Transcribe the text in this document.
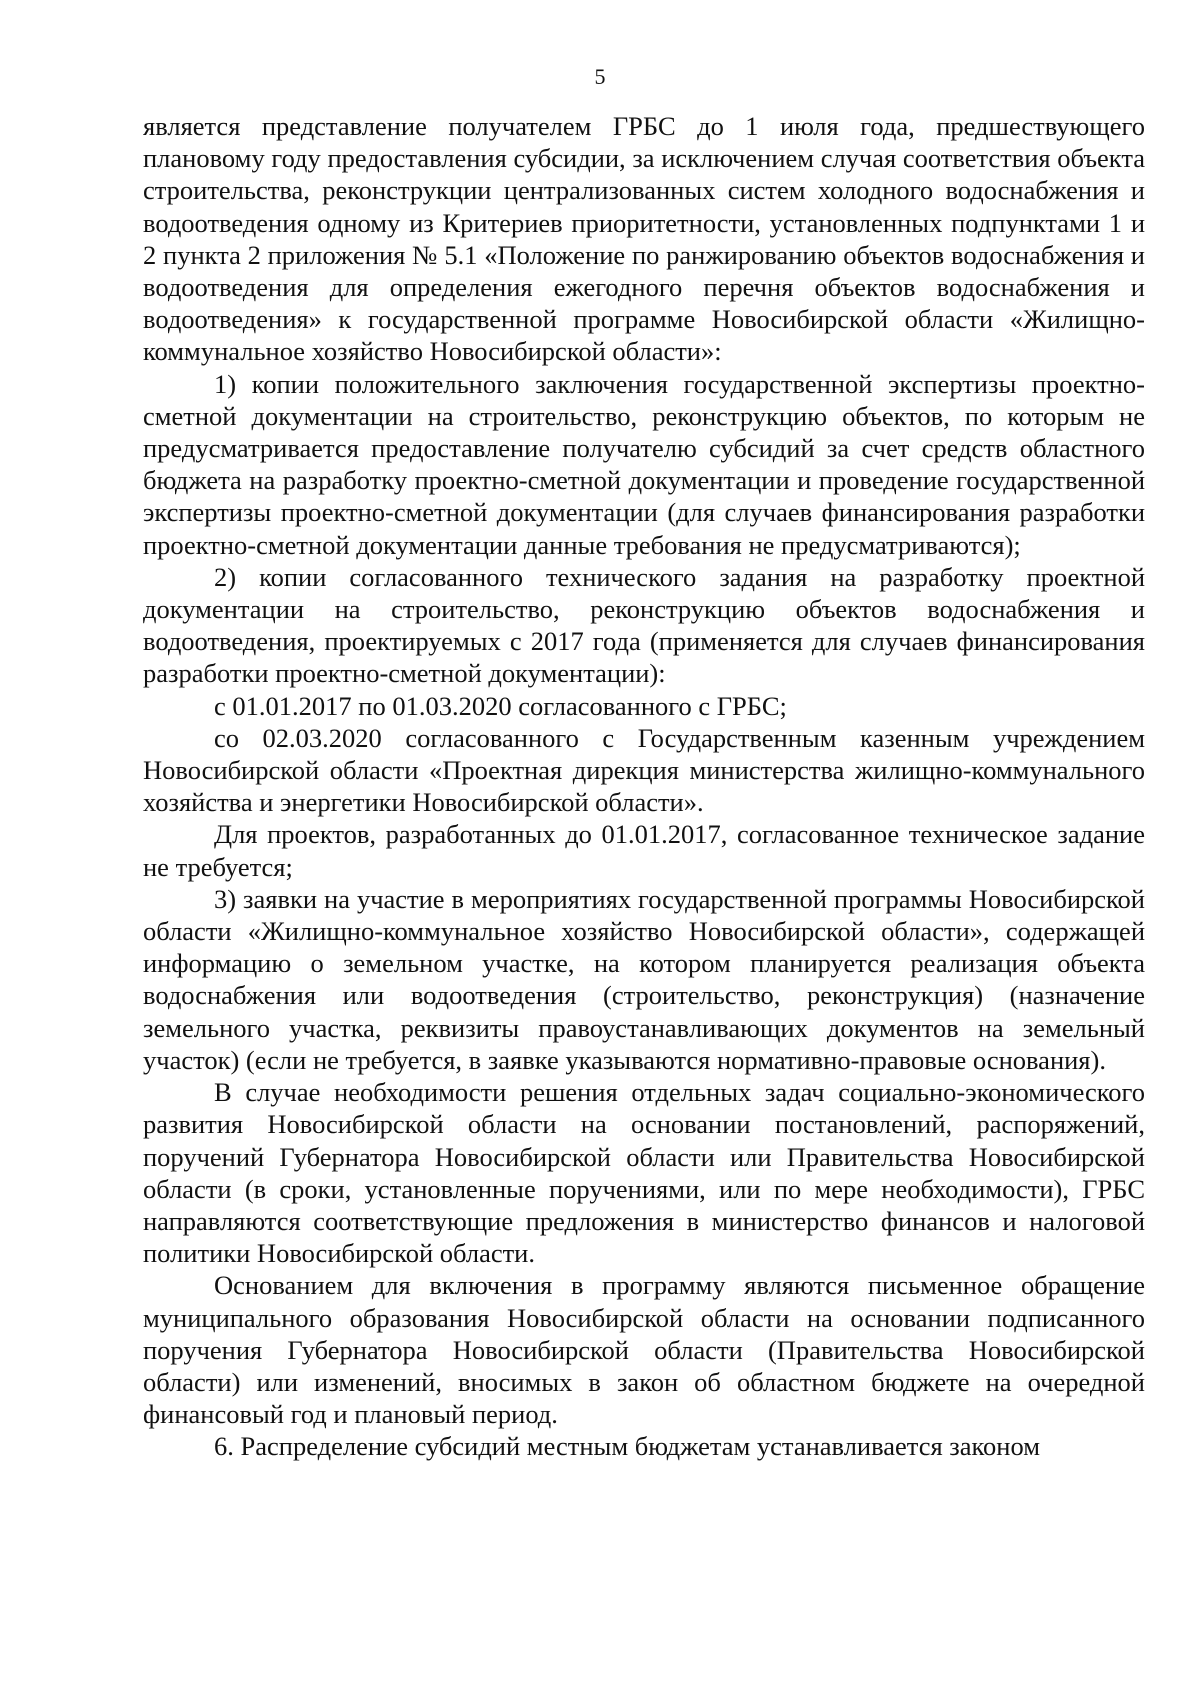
5

является представление получателем ГРБС до 1 июля года, предшествующего плановому году предоставления субсидии, за исключением случая соответствия объекта строительства, реконструкции централизованных систем холодного водоснабжения и водоотведения одному из Критериев приоритетности, установленных подпунктами 1 и 2 пункта 2 приложения № 5.1 «Положение по ранжированию объектов водоснабжения и водоотведения для определения ежегодного перечня объектов водоснабжения и водоотведения» к государственной программе Новосибирской области «Жилищно-коммунальное хозяйство Новосибирской области»:

1) копии положительного заключения государственной экспертизы проектно-сметной документации на строительство, реконструкцию объектов, по которым не предусматривается предоставление получателю субсидий за счет средств областного бюджета на разработку проектно-сметной документации и проведение государственной экспертизы проектно-сметной документации (для случаев финансирования разработки проектно-сметной документации данные требования не предусматриваются);

2) копии согласованного технического задания на разработку проектной документации на строительство, реконструкцию объектов водоснабжения и водоотведения, проектируемых с 2017 года (применяется для случаев финансирования разработки проектно-сметной документации):

с 01.01.2017 по 01.03.2020 согласованного с ГРБС;

со 02.03.2020 согласованного с Государственным казенным учреждением Новосибирской области «Проектная дирекция министерства жилищно-коммунального хозяйства и энергетики Новосибирской области».

Для проектов, разработанных до 01.01.2017, согласованное техническое задание не требуется;

3) заявки на участие в мероприятиях государственной программы Новосибирской области «Жилищно-коммунальное хозяйство Новосибирской области», содержащей информацию о земельном участке, на котором планируется реализация объекта водоснабжения или водоотведения (строительство, реконструкция) (назначение земельного участка, реквизиты правоустанавливающих документов на земельный участок) (если не требуется, в заявке указываются нормативно-правовые основания).

В случае необходимости решения отдельных задач социально-экономического развития Новосибирской области на основании постановлений, распоряжений, поручений Губернатора Новосибирской области или Правительства Новосибирской области (в сроки, установленные поручениями, или по мере необходимости), ГРБС направляются соответствующие предложения в министерство финансов и налоговой политики Новосибирской области.

Основанием для включения в программу являются письменное обращение муниципального образования Новосибирской области на основании подписанного поручения Губернатора Новосибирской области (Правительства Новосибирской области) или изменений, вносимых в закон об областном бюджете на очередной финансовый год и плановый период.

6. Распределение субсидий местным бюджетам устанавливается законом
